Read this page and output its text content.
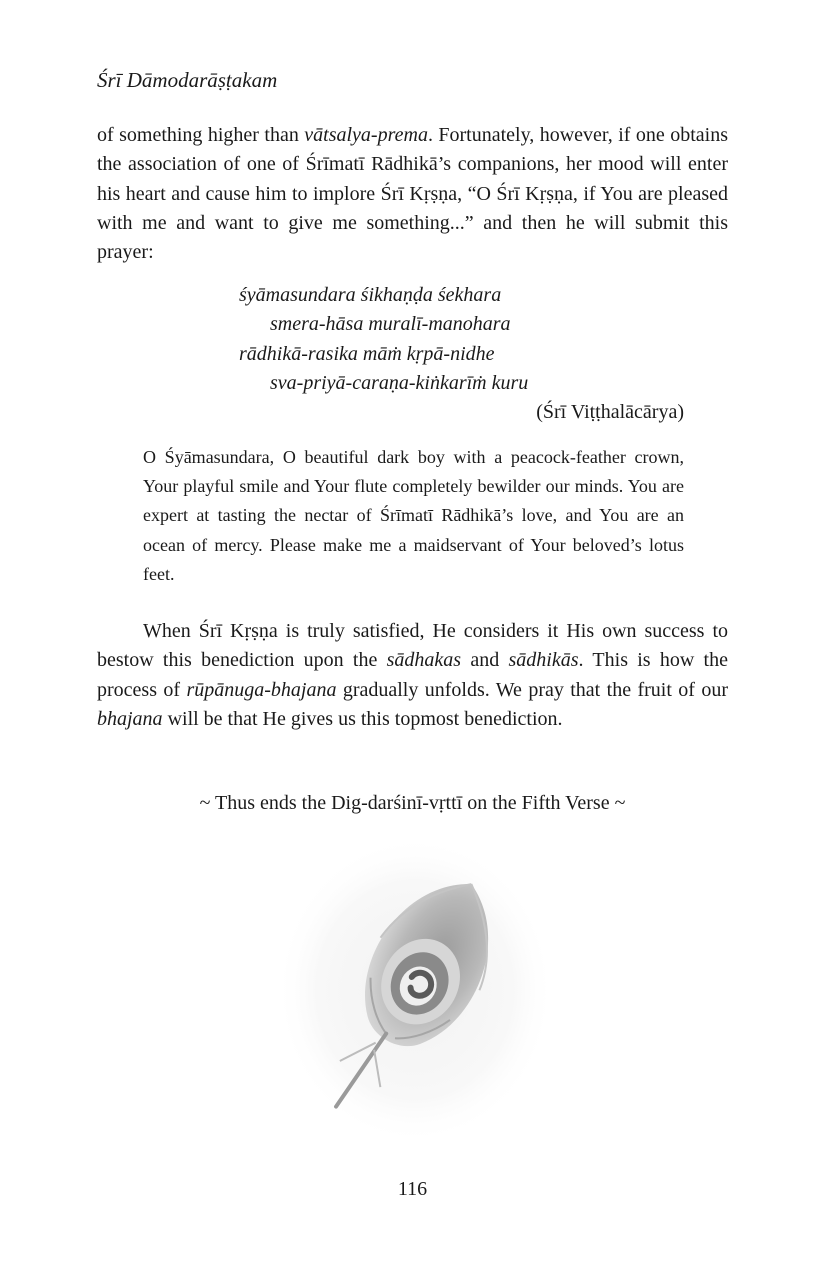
Śrī Dāmodarāṣṭakam

of something higher than vātsalya-prema. Fortunately, however, if one obtains the association of one of Śrīmatī Rādhikā’s companions, her mood will enter his heart and cause him to implore Śrī Kṛṣṇa, “O Śrī Kṛṣṇa, if You are pleased with me and want to give me something...” and then he will submit this prayer:

śyāmasundara śikhaṇḍa śekhara
smera-hāsa muralī-manohara
rādhikā-rasika māṁ kṛpā-nidhe
sva-priyā-caraṇa-kiṅkarīṁ kuru
(Śrī Viṭṭhalācārya)

O Śyāmasundara, O beautiful dark boy with a peacock-feather crown, Your playful smile and Your flute completely bewilder our minds. You are expert at tasting the nectar of Śrīmatī Rādhikā’s love, and You are an ocean of mercy. Please make me a maidservant of Your beloved’s lotus feet.

When Śrī Kṛṣṇa is truly satisfied, He considers it His own success to bestow this benediction upon the sādhakas and sādhikās. This is how the process of rūpānuga-bhajana gradually unfolds. We pray that the fruit of our bhajana will be that He gives us this topmost benediction.

~ Thus ends the Dig-darśinī-vṛttī on the Fifth Verse ~
116
